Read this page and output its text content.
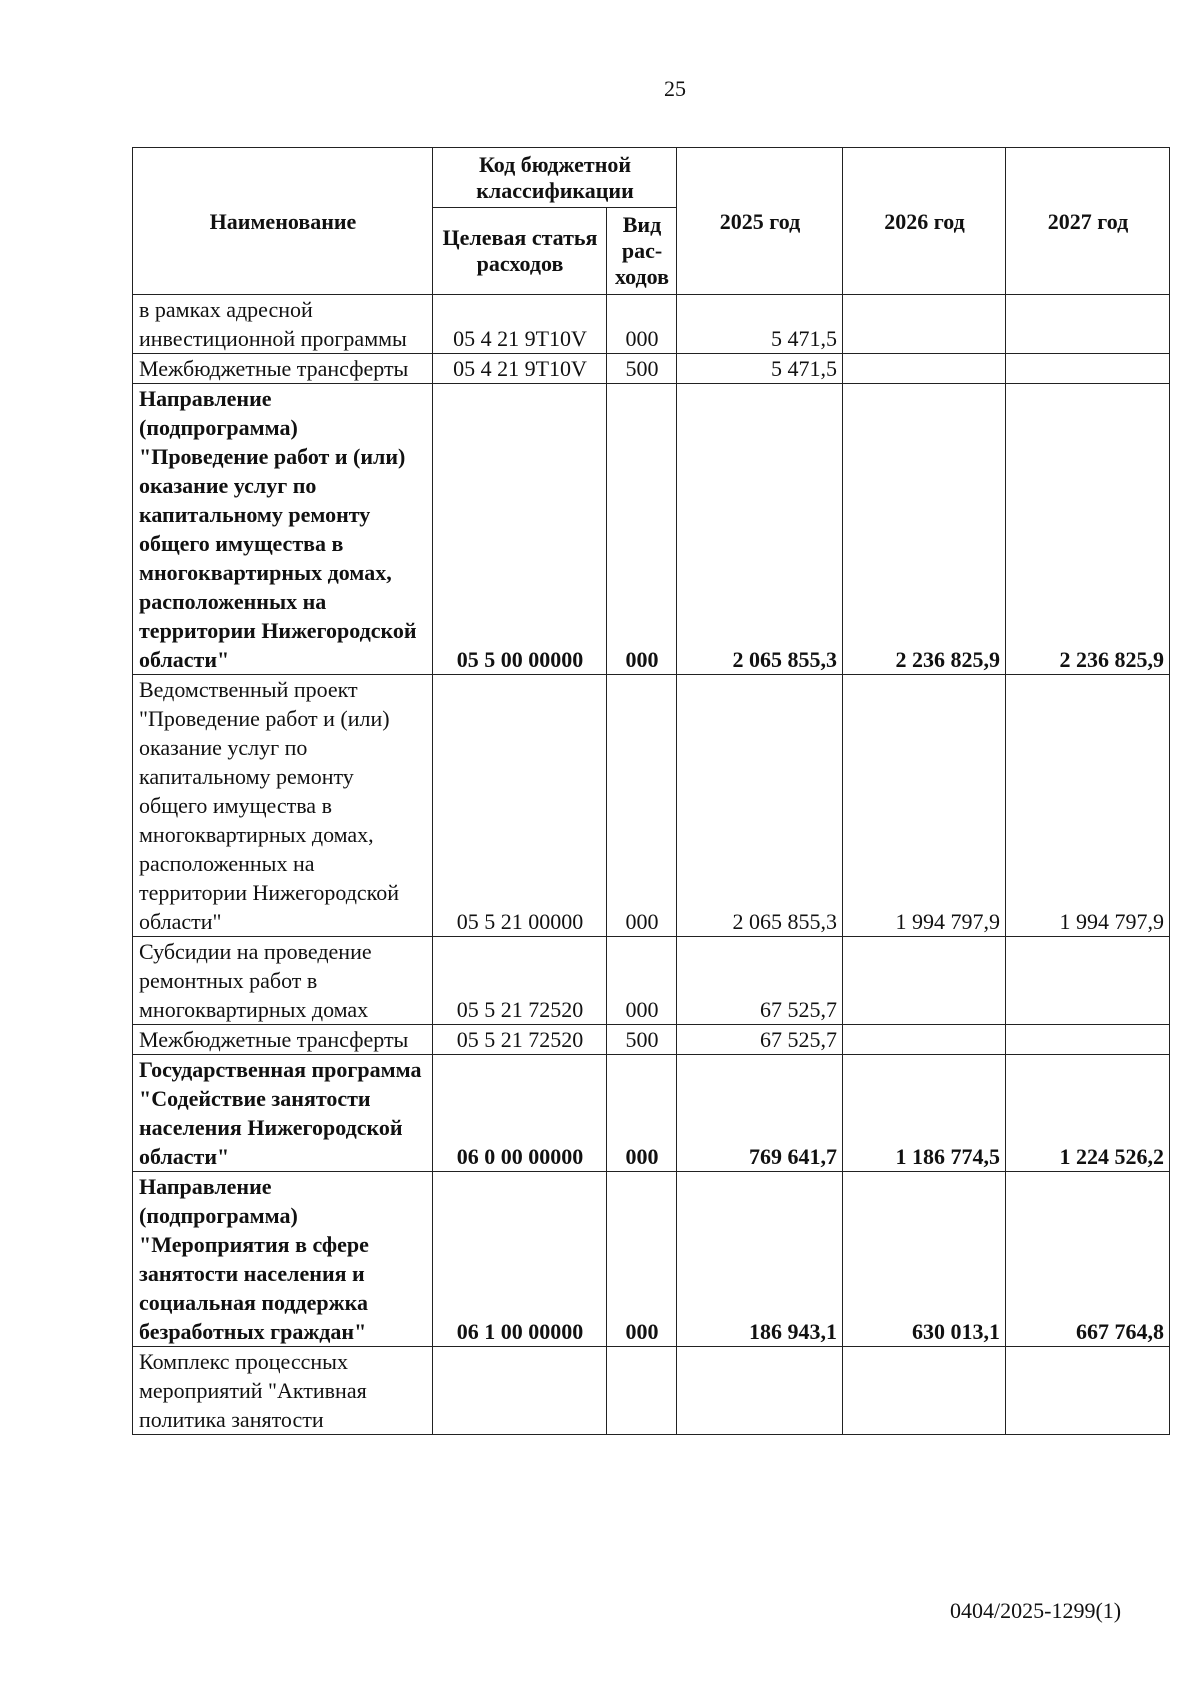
25
Наименование	Код бюджетной классификации		2025 год	2026 год	2027 год
	Целевая статья расходов	Вид рас-ходов			
в рамках адресной инвестиционной программы	05 4 21 9Т10V	000	5 471,5		
Межбюджетные трансферты	05 4 21 9Т10V	500	5 471,5		
Направление (подпрограмма) "Проведение работ и (или) оказание услуг по капитальному ремонту общего имущества в многоквартирных домах, расположенных на территории Нижегородской области"	05 5 00 00000	000	2 065 855,3	2 236 825,9	2 236 825,9
Ведомственный проект "Проведение работ и (или) оказание услуг по капитальному ремонту общего имущества в многоквартирных домах, расположенных на территории Нижегородской области"	05 5 21 00000	000	2 065 855,3	1 994 797,9	1 994 797,9
Субсидии на проведение ремонтных работ в многоквартирных домах	05 5 21 72520	000	67 525,7		
Межбюджетные трансферты	05 5 21 72520	500	67 525,7		
Государственная программа "Содействие занятости населения Нижегородской области"	06 0 00 00000	000	769 641,7	1 186 774,5	1 224 526,2
Направление (подпрограмма) "Мероприятия в сфере занятости населения и социальная поддержка безработных граждан"	06 1 00 00000	000	186 943,1	630 013,1	667 764,8
Комплекс процессных мероприятий "Активная политика занятости					
0404/2025-1299(1)
